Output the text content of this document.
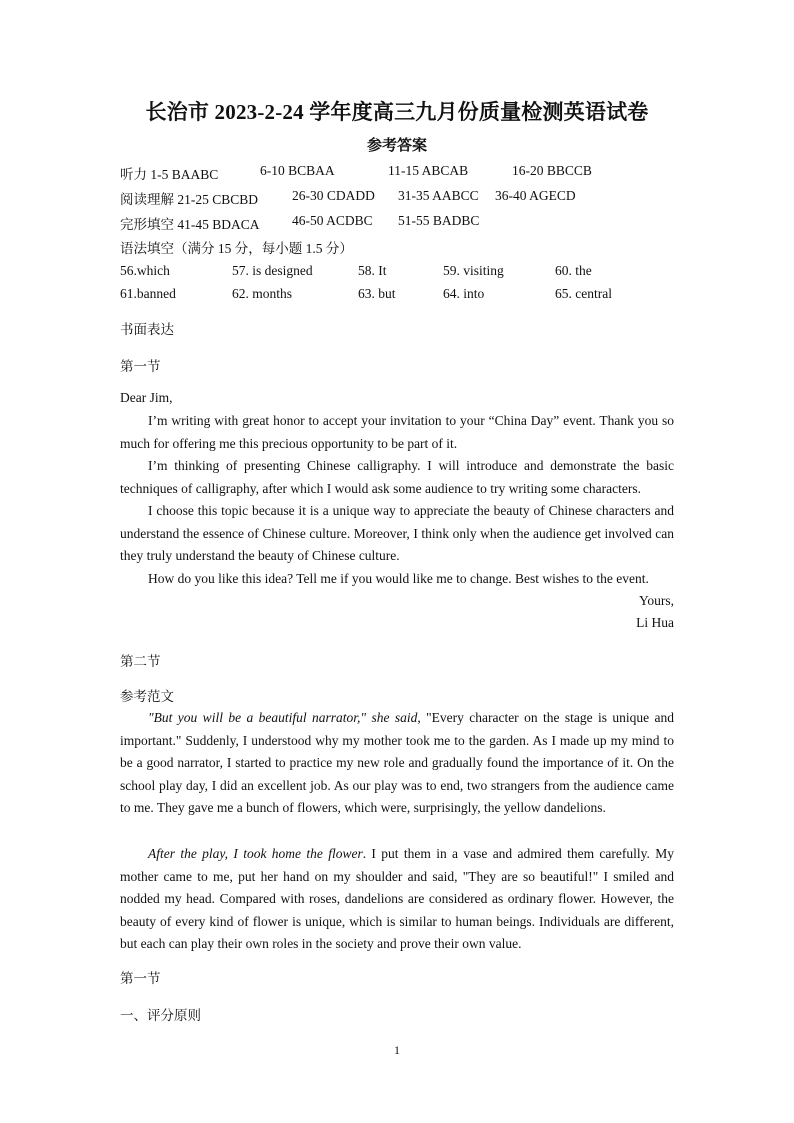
长治市 2023-2-24 学年度高三九月份质量检测英语试卷
参考答案
听力 1-5 BAABC	6-10 BCBAA	11-15 ABCAB	16-20 BBCCB
阅读理解 21-25 CBCBD	26-30 CDADD 31-35 AABCC 36-40 AGECD
完形填空 41-45 BDACA 46-50 ACDBC 51-55 BADBC
语法填空（满分 15 分，每小题 1.5 分）
56.which	57. is designed	58. It	59. visiting	60. the
61.banned	62. months	63. but	64. into	65. central
书面表达
第一节
Dear Jim,
I’m writing with great honor to accept your invitation to your “China Day” event. Thank you so much for offering me this precious opportunity to be part of it.
I’m thinking of presenting Chinese calligraphy. I will introduce and demonstrate the basic techniques of calligraphy, after which I would ask some audience to try writing some characters.
I choose this topic because it is a unique way to appreciate the beauty of Chinese characters and understand the essence of Chinese culture. Moreover, I think only when the audience get involved can they truly understand the beauty of Chinese culture.
How do you like this idea? Tell me if you would like me to change. Best wishes to the event.
Yours,
Li Hua
第二节
参考范文
"But you will be a beautiful narrator," she said, "Every character on the stage is unique and important." Suddenly, I understood why my mother took me to the garden. As I made up my mind to be a good narrator, I started to practice my new role and gradually found the importance of it. On the school play day, I did an excellent job. As our play was to end, two strangers from the audience came to me. They gave me a bunch of flowers, which were, surprisingly, the yellow dandelions.
After the play, I took home the flower. I put them in a vase and admired them carefully. My mother came to me, put her hand on my shoulder and said, "They are so beautiful!" I smiled and nodded my head. Compared with roses, dandelions are considered as ordinary flower. However, the beauty of every kind of flower is unique, which is similar to human beings. Individuals are different, but each can play their own roles in the society and prove their own value.
第一节
一、评分原则
1
